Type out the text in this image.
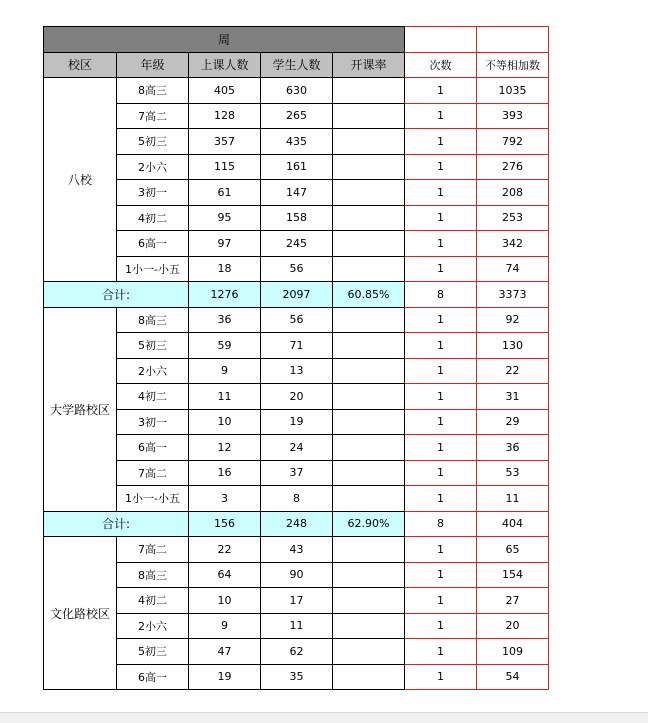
周						
校区	年级	上课人数	学生人数	开课率	次数	不等相加数
八校	8高三	405	630		1	1035
	7高二	128	265		1	393
	5初三	357	435		1	792
	2小六	115	161		1	276
	3初一	61	147		1	208
	4初二	95	158		1	253
	6高一	97	245		1	342
	1小一-小五	18	56		1	74
合计:		1276	2097	60.85%	8	3373
大学路校区	8高三	36	56		1	92
	5初三	59	71		1	130
	2小六	9	13		1	22
	4初二	11	20		1	31
	3初一	10	19		1	29
	6高一	12	24		1	36
	7高二	16	37		1	53
	1小一-小五	3	8		1	11
合计:		156	248	62.90%	8	404
文化路校区	7高二	22	43		1	65
	8高三	64	90		1	154
	4初二	10	17		1	27
	2小六	9	11		1	20
	5初三	47	62		1	109
	6高一	19	35		1	54
